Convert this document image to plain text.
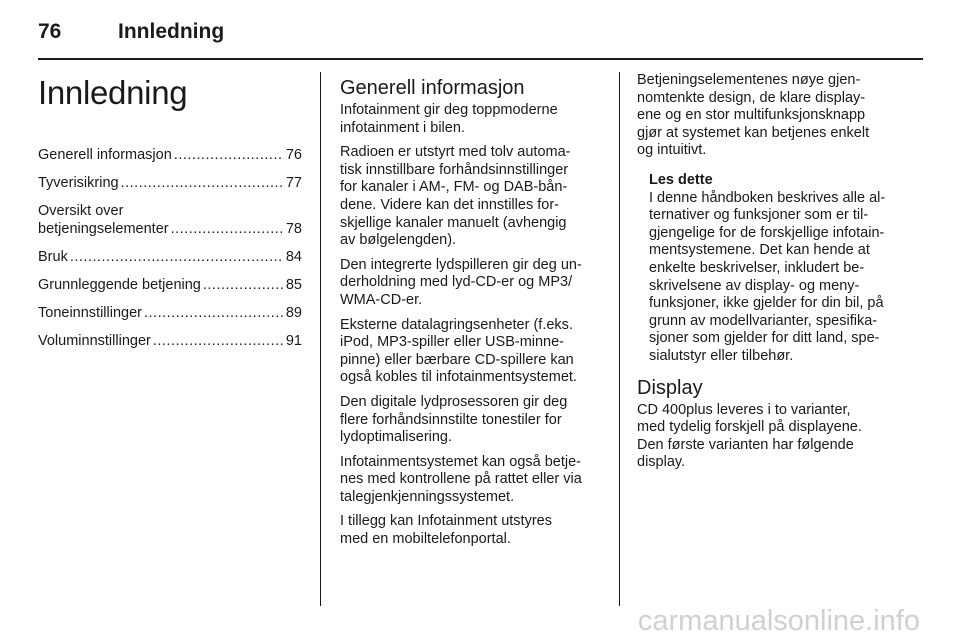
76	Innledning
Innledning
Generell informasjon .....	76
Tyverisikring .....	77
Oversikt over
betjeningselementer .....	78
Bruk .....	84
Grunnleggende betjening .....	85
Toneinnstillinger .....	89
Voluminnstillinger .....	91
Generell informasjon

Infotainment gir deg toppmoderne
infotainment i bilen.

Radioen er utstyrt med tolv automa-
tisk innstillbare forhåndsinnstillinger
for kanaler i AM-, FM- og DAB-bån-
dene. Videre kan det innstilles for-
skjellige kanaler manuelt (avhengig
av bølgelengden).

Den integrerte lydspilleren gir deg un-
derholdning med lyd-CD-er og MP3/
WMA-CD-er.

Eksterne datalagringsenheter (f.eks.
iPod, MP3-spiller eller USB-minne-
pinne) eller bærbare CD-spillere kan
også kobles til infotainmentsystemet.

Den digitale lydprosessoren gir deg
flere forhåndsinnstilte tonestiler for
lydoptimalisering.

Infotainmentsystemet kan også betje-
nes med kontrollene på rattet eller via
talegjenkjenningssystemet.

I tillegg kan Infotainment utstyres
med en mobiltelefonportal.

Betjeningselementenes nøye gjen-
nomtenkte design, de klare display-
ene og en stor multifunksjonsknapp
gjør at systemet kan betjenes enkelt
og intuitivt.

Les dette
I denne håndboken beskrives alle al-
ternativer og funksjoner som er til-
gjengelige for de forskjellige infotain-
mentsystemene. Det kan hende at
enkelte beskrivelser, inkludert be-
skrivelsene av display- og meny-
funksjoner, ikke gjelder for din bil, på
grunn av modellvarianter, spesifika-
sjoner som gjelder for ditt land, spe-
sialutstyr eller tilbehør.
Display

CD 400plus leveres i to varianter,
med tydelig forskjell på displayene.
Den første varianten har følgende
display.

carmanualsonline.info
